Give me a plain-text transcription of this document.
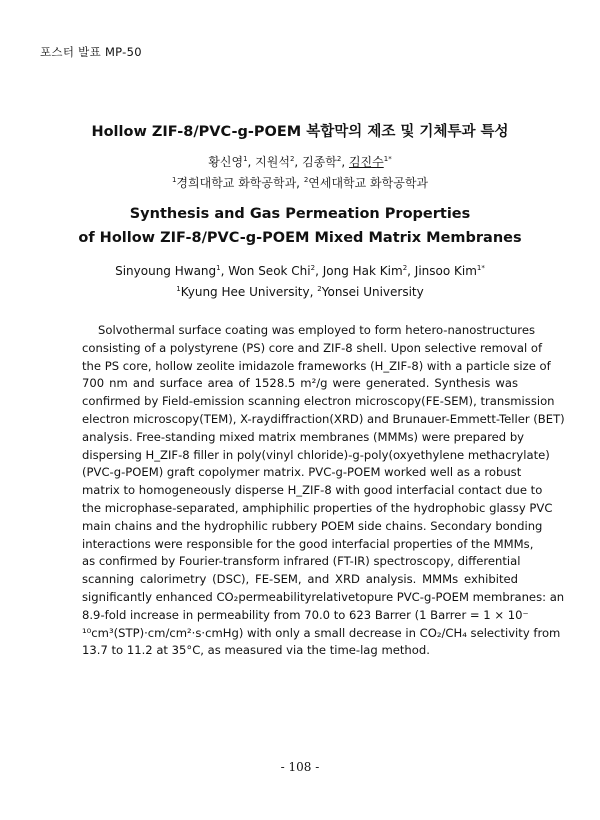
포스터 발표 MP-50
Hollow ZIF-8/PVC-g-POEM 복합막의 제조 및 기체투과 특성
황신영$^1$, 지원석$^2$, 김종학$^2$, 김진수$^{1*}$
$^1$경희대학교 화학공학과, $^2$연세대학교 화학공학과
Synthesis and Gas Permeation Properties
of Hollow ZIF-8/PVC-g-POEM Mixed Matrix Membranes
Sinyoung Hwang$^1$, Won Seok Chi$^2$, Jong Hak Kim$^2$, Jinsoo Kim$^{1*}$
$^1$Kyung Hee University, $^2$Yonsei University
Solvothermal surface coating was employed to form hetero-nanostructures
consisting of a polystyrene (PS) core and ZIF-8 shell. Upon selective removal of
the PS core, hollow zeolite imidazole frameworks (H_ZIF-8) with a particle size of
700 nm and surface area of 1528.5 m²/g were generated. Synthesis was
confirmed by Field-emission scanning electron microscopy(FE-SEM), transmission
electron microscopy(TEM), X-raydiffraction(XRD) and Brunauer-Emmett-Teller (BET)
analysis. Free-standing mixed matrix membranes (MMMs) were prepared by
dispersing H_ZIF-8 filler in poly(vinyl chloride)-g-poly(oxyethylene methacrylate)
(PVC-g-POEM) graft copolymer matrix. PVC-g-POEM worked well as a robust
matrix to homogeneously disperse H_ZIF-8 with good interfacial contact due to
the microphase-separated, amphiphilic properties of the hydrophobic glassy PVC
main chains and the hydrophilic rubbery POEM side chains. Secondary bonding
interactions were responsible for the good interfacial properties of the MMMs,
as confirmed by Fourier-transform infrared (FT-IR) spectroscopy, differential
scanning calorimetry (DSC), FE-SEM, and XRD analysis. MMMs exhibited
significantly enhanced CO₂permeabilityrelativetopure PVC-g-POEM membranes: an
8.9-fold increase in permeability from 70.0 to 623 Barrer (1 Barrer = 1 × 10⁻
¹⁰cm³(STP)·cm/cm²·s·cmHg) with only a small decrease in CO₂/CH₄ selectivity from
13.7 to 11.2 at 35°C, as measured via the time-lag method.
- 108 -
